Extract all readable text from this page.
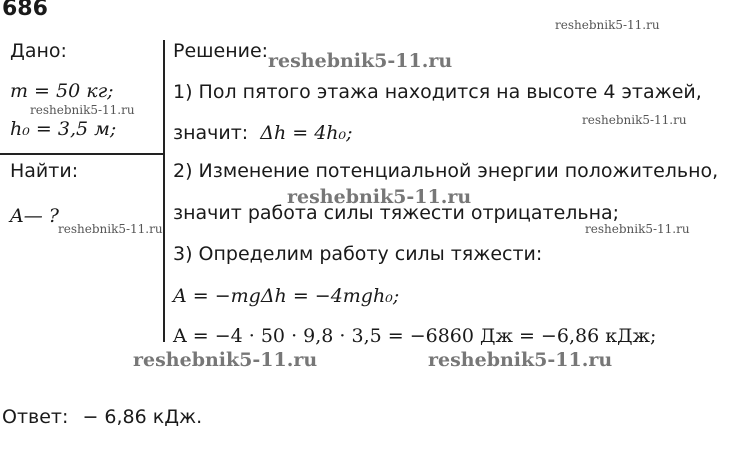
686
Дано:
m = 50 кг;
h₀ = 3,5 м;
Найти:
A— ?
Решение:
1) Пол пятого этажа находится на высоте 4 этажей,
значит: Δh = 4h₀;
2) Изменение потенциальной энергии положительно,
значит работа силы тяжести отрицательна;
3) Определим работу силы тяжести:
A = −mgΔh = −4mgh₀;
A = −4 · 50 · 9,8 · 3,5 = −6860 Дж = −6,86 кДж;
Ответ: − 6,86 кДж.
reshebnik5-11.ru
reshebnik5-11.ru
reshebnik5-11.ru
reshebnik5-11.ru
reshebnik5-11.ru
reshebnik5-11.ru	reshebnik5-11.ru
reshebnik5-11.ru	reshebnik5-11.ru
